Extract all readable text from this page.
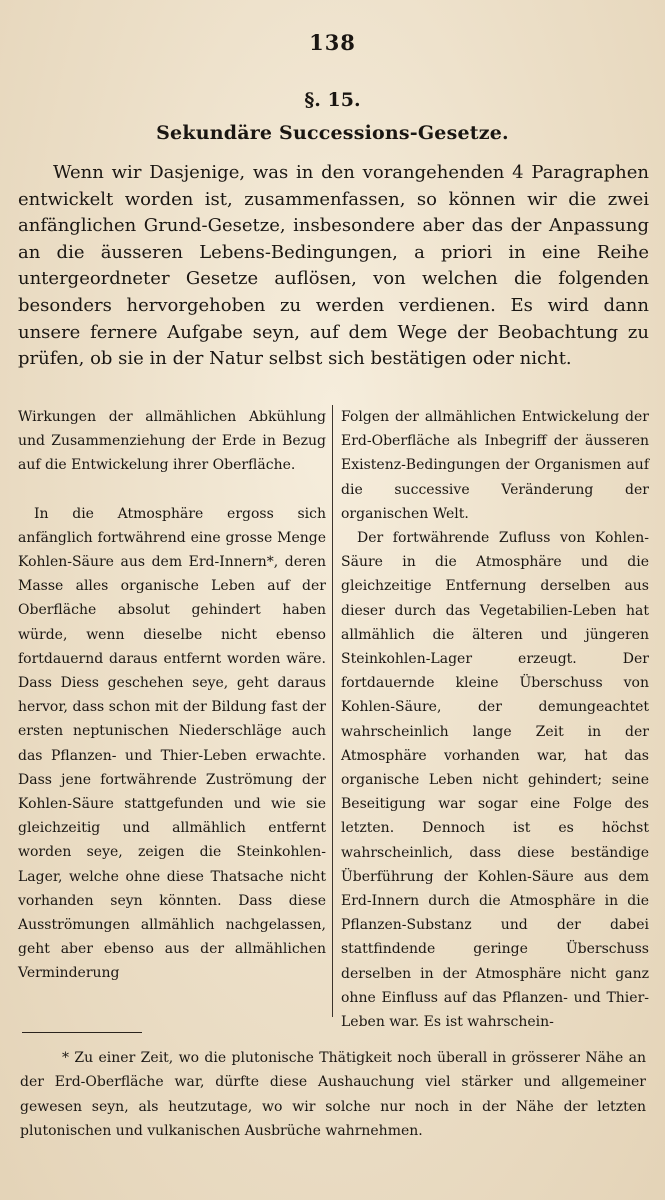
138
§. 15.
Sekundäre Successions-Gesetze.

Wenn wir Dasjenige, was in den vorangehenden 4 Paragraphen entwickelt worden ist, zusammenfassen, so können wir die zwei anfänglichen Grund-Gesetze, insbesondere aber das der Anpassung an die äusseren Lebens-Bedingungen, a priori in eine Reihe untergeordneter Gesetze auflösen, von welchen die folgenden besonders hervorgehoben zu werden verdienen. Es wird dann unsere fernere Aufgabe seyn, auf dem Wege der Beobachtung zu prüfen, ob sie in der Natur selbst sich bestätigen oder nicht.

Wirkungen der allmählichen Abkühlung und Zusammenziehung der Erde in Bezug auf die Entwickelung ihrer Oberfläche.

In die Atmosphäre ergoss sich anfänglich fortwährend eine grosse Menge Kohlen-Säure aus dem Erd-Innern*, deren Masse alles organische Leben auf der Oberfläche absolut gehindert haben würde, wenn dieselbe nicht ebenso fortdauernd daraus entfernt worden wäre. Dass Diess geschehen seye, geht daraus hervor, dass schon mit der Bildung fast der ersten neptunischen Niederschläge auch das Pflanzen- und Thier-Leben erwachte. Dass jene fortwährende Zuströmung der Kohlen-Säure stattgefunden und wie sie gleichzeitig und allmählich entfernt worden seye, zeigen die Steinkohlen-Lager, welche ohne diese Thatsache nicht vorhanden seyn könnten. Dass diese Ausströmungen allmählich nachgelassen, geht aber ebenso aus der allmählichen Verminderung

Folgen der allmählichen Entwickelung der Erd-Oberfläche als Inbegriff der äusseren Existenz-Bedingungen der Organismen auf die successive Veränderung der organischen Welt.

Der fortwährende Zufluss von Kohlen-Säure in die Atmosphäre und die gleichzeitige Entfernung derselben aus dieser durch das Vegetabilien-Leben hat allmählich die älteren und jüngeren Steinkohlen-Lager erzeugt. Der fortdauernde kleine Überschuss von Kohlen-Säure, der demungeachtet wahrscheinlich lange Zeit in der Atmosphäre vorhanden war, hat das organische Leben nicht gehindert; seine Beseitigung war sogar eine Folge des letzten. Dennoch ist es höchst wahrscheinlich, dass diese beständige Überführung der Kohlen-Säure aus dem Erd-Innern durch die Atmosphäre in die Pflanzen-Substanz und der dabei stattfindende geringe Überschuss derselben in der Atmosphäre nicht ganz ohne Einfluss auf das Pflanzen- und Thier-Leben war. Es ist wahrschein-

* Zu einer Zeit, wo die plutonische Thätigkeit noch überall in grösserer Nähe an der Erd-Oberfläche war, dürfte diese Aushauchung viel stärker und allgemeiner gewesen seyn, als heutzutage, wo wir solche nur noch in der Nähe der letzten plutonischen und vulkanischen Ausbrüche wahrnehmen.
